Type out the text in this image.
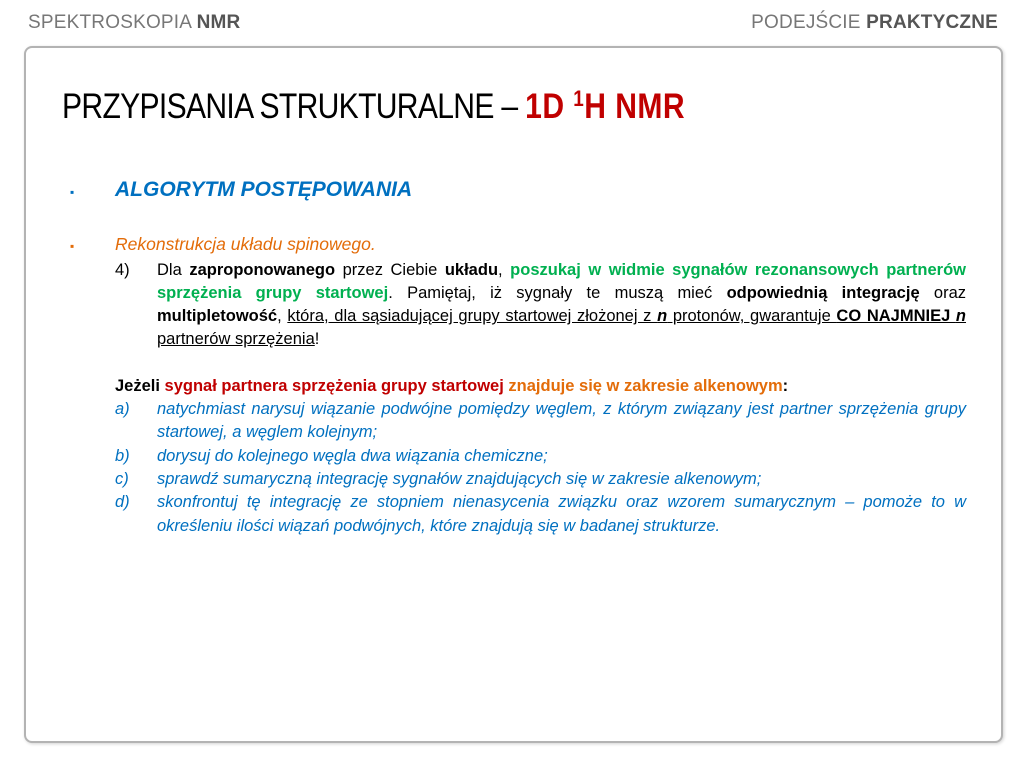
SPEKTROSKOPIA NMR	PODEJŚCIE PRAKTYCZNE
PRZYPISANIA STRUKTURALNE – 1D $^1$H NMR
▪	ALGORYTM POSTĘPOWANIA
▪	Rekonstrukcja układu spinowego.
4)	Dla zaproponowanego przez Ciebie układu, poszukaj w widmie sygnałów rezonansowych partnerów sprzężenia grupy startowej. Pamiętaj, iż sygnały te muszą mieć odpowiednią integrację oraz multipletowość, która, dla sąsiadującej grupy startowej złożonej z n protonów, gwarantuje CO NAJMNIEJ n partnerów sprzężenia!
Jeżeli sygnał partnera sprzężenia grupy startowej znajduje się w zakresie alkenowym:
a)	natychmiast narysuj wiązanie podwójne pomiędzy węglem, z którym związany jest partner sprzężenia grupy startowej, a węglem kolejnym;
b)	dorysuj do kolejnego węgla dwa wiązania chemiczne;
c)	sprawdź sumaryczną integrację sygnałów znajdujących się w zakresie alkenowym;
d)	skonfrontuj tę integrację ze stopniem nienasycenia związku oraz wzorem sumarycznym – pomoże to w określeniu ilości wiązań podwójnych, które znajdują się w badanej strukturze.
